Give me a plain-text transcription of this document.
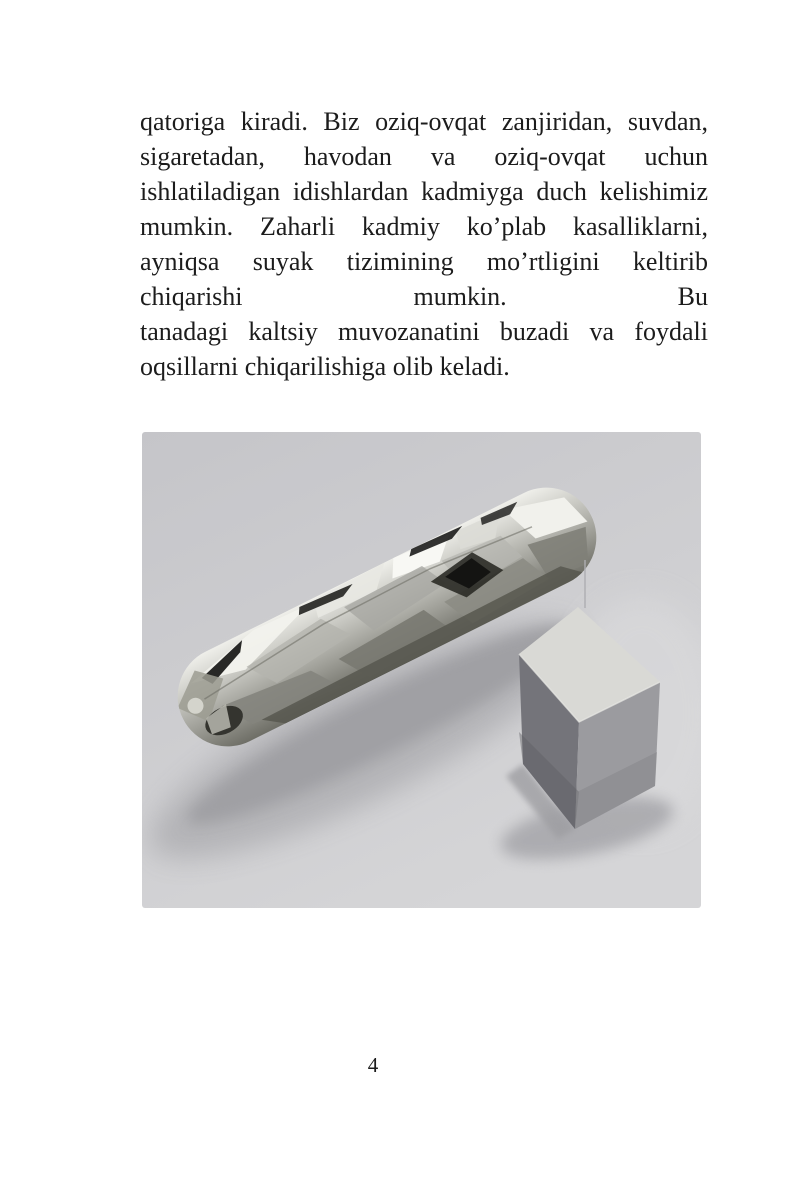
qatoriga kiradi. Biz oziq-ovqat zanjiridan, suvdan,
sigaretadan, havodan va oziq-ovqat uchun
ishlatiladigan idishlardan kadmiyga duch kelishimiz
mumkin. Zaharli kadmiy ko’plab kasalliklarni,
ayniqsa suyak tizimining mo’rtligini keltirib
chiqarishi mumkin. Bu
tanadagi kaltsiy muvozanatini buzadi va foydali
oqsillarni chiqarilishiga olib keladi.
4
